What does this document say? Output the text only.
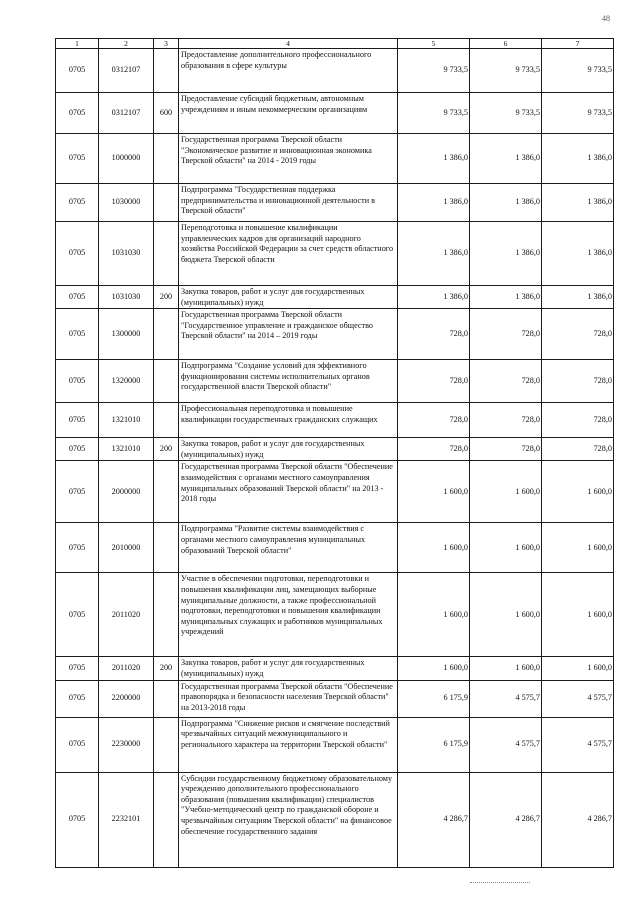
48
1	2	3	4	5	6	7
0705	0312107		Предоставление дополнительного профессионального образования в сфере культуры	9 733,5	9 733,5	9 733,5
0705	0312107	600	Предоставление субсидий бюджетным, автономным учреждениям и иным некоммерческим организациям	9 733,5	9 733,5	9 733,5
0705	1000000		Государственная программа Тверской области "Экономическое развитие и инновационная экономика Тверской области" на 2014 - 2019 годы	1 386,0	1 386,0	1 386,0
0705	1030000		Подпрограмма "Государственная поддержка предпринимательства и инновационной деятельности в Тверской области"	1 386,0	1 386,0	1 386,0
0705	1031030		Переподготовка и повышение квалификации управленческих кадров для организаций народного хозяйства Российской Федерации за счет средств областного бюджета Тверской области	1 386,0	1 386,0	1 386,0
0705	1031030	200	Закупка товаров, работ и услуг для государственных (муниципальных) нужд	1 386,0	1 386,0	1 386,0
0705	1300000		Государственная программа Тверской области "Государственное управление и гражданское общество Тверской области" на 2014 – 2019 годы	728,0	728,0	728,0
0705	1320000		Подпрограмма "Создание условий для эффективного функционирования системы исполнительных органов государственной власти Тверской области"	728,0	728,0	728,0
0705	1321010		Профессиональная переподготовка и повышение квалификации государственных гражданских служащих	728,0	728,0	728,0
0705	1321010	200	Закупка товаров, работ и услуг для государственных (муниципальных) нужд	728,0	728,0	728,0
0705	2000000		Государственная программа Тверской области "Обеспечение взаимодействия с органами местного самоуправления муниципальных образований Тверской области" на 2013 - 2018 годы	1 600,0	1 600,0	1 600,0
0705	2010000		Подпрограмма "Развитие системы взаимодействия с органами местного самоуправления муниципальных образований Тверской области"	1 600,0	1 600,0	1 600,0
0705	2011020		Участие в обеспечении подготовки, переподготовки и повышения квалификации лиц, замещающих выборные муниципальные должности, а также профессиональной подготовки, переподготовки и повышения квалификации муниципальных служащих и работников муниципальных учреждений	1 600,0	1 600,0	1 600,0
0705	2011020	200	Закупка товаров, работ и услуг для государственных (муниципальных) нужд	1 600,0	1 600,0	1 600,0
0705	2200000		Государственная программа Тверской области "Обеспечение правопорядка и безопасности населения Тверской области" на 2013-2018 годы	6 175,9	4 575,7	4 575,7
0705	2230000		Подпрограмма "Снижение рисков и смягчение последствий чрезвычайных ситуаций межмуниципального и регионального характера на территории Тверской области"	6 175,9	4 575,7	4 575,7
0705	2232101		Субсидии государственному бюджетному образовательному учреждению дополнительного профессионального образования (повышения квалификации) специалистов "Учебно-методический центр по гражданской обороне и чрезвычайным ситуациям Тверской области" на финансовое обеспечение государственного задания	4 286,7	4 286,7	4 286,7
